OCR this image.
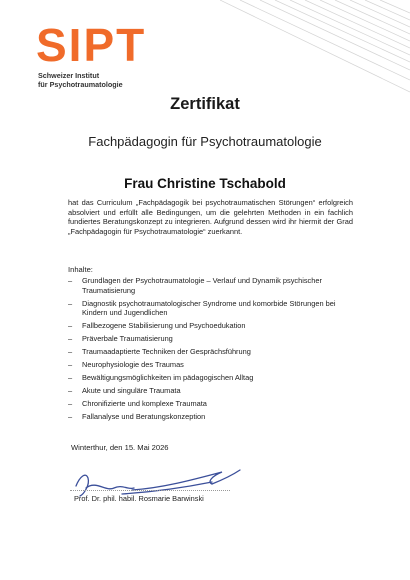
SIPT
Schweizer Institut
für Psychotraumatologie
Zertifikat
Fachpädagogin für Psychotraumatologie
Frau Christine Tschabold
hat das Curriculum „Fachpädagogik bei psychotraumatischen Störungen“ erfolgreich absolviert und erfüllt alle Bedingungen, um die gelehrten Methoden in ein fachlich fundiertes Beratungskonzept zu integrieren. Aufgrund dessen wird ihr hiermit der Grad „Fachpädagogin für Psychotraumatologie“ zuerkannt.
Inhalte:
– Grundlagen der Psychotraumatologie – Verlauf und Dynamik psychischer Traumatisierung
– Diagnostik psychotraumatologischer Syndrome und komorbide Störungen bei Kindern und Jugendlichen
– Fallbezogene Stabilisierung und Psychoedukation
– Präverbale Traumatisierung
– Traumaadaptierte Techniken der Gesprächsführung
– Neurophysiologie des Traumas
– Bewältigungsmöglichkeiten im pädagogischen Alltag
– Akute und singuläre Traumata
– Chronifizierte und komplexe Traumata
– Fallanalyse und Beratungskonzeption
Winterthur, den 15. Mai 2026
Prof. Dr. phil. habil. Rosmarie Barwinski
